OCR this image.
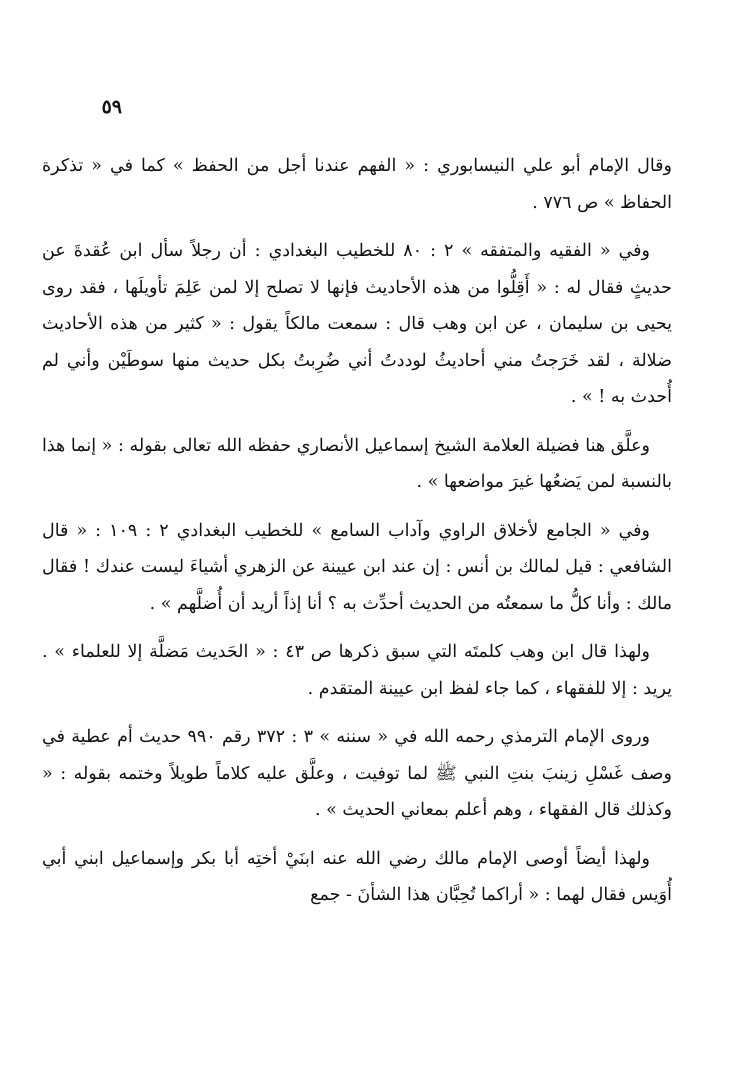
٥٩

وقال الإمام أبو علي النيسابوري : « الفهم عندنا أجل من الحفظ » كما في « تذكرة الحفاظ » ص ٧٧٦ .

وفي « الفقيه والمتفقه » ٢ : ٨٠ للخطيب البغدادي : أن رجلاً سأل ابن عُقدةَ عن حديثٍ فقال له : « أَقِلُّوا من هذه الأحاديث فإنها لا تصلح إلا لمن عَلِمَ تأويلَها ، فقد روى يحيى بن سليمان ، عن ابن وهب قال : سمعت مالكاً يقول : « كثير من هذه الأحاديث ضلالة ، لقد خَرَجتُ مني أحاديثُ لوددتُ أني ضُرِبتُ بكل حديث منها سوطَيْن وأني لم أُحدث به ! » .

وعلَّق هنا فضيلة العلامة الشيخ إسماعيل الأنصاري حفظه الله تعالى بقوله : « إنما هذا بالنسبة لمن يَضعُها غيرَ مواضعها » .

وفي « الجامع لأخلاق الراوي وآداب السامع » للخطيب البغدادي ٢ : ١٠٩ : « قال الشافعي : قيل لمالك بن أنس : إن عند ابن عيينة عن الزهري أشياءَ ليست عندك ! فقال مالك : وأنا كلُّ ما سمعتُه من الحديث أحدِّث به ؟ أنا إذاً أريد أن أُضلَّهم » .

ولهذا قال ابن وهب كلمتَه التي سبق ذكرها ص ٤٣ : « الحَديث مَضلَّة إلا للعلماء » . يريد : إلا للفقهاء ، كما جاء لفظ ابن عيينة المتقدم .

وروى الإمام الترمذي رحمه الله في « سننه » ٣ : ٣٧٢ رقم ٩٩٠ حديث أم عطية في وصف غَسْلِ زينبَ بنتِ النبي ﷺ لما توفيت ، وعلَّق عليه كلاماً طويلاً وختمه بقوله : « وكذلك قال الفقهاء ، وهم أعلم بمعاني الحديث » .

ولهذا أيضاً أوصى الإمام مالك رضي الله عنه ابنَيْ أختِه أبا بكر وإسماعيل ابني أبي أُوَيس فقال لهما : « أراكما تُحِبَّان هذا الشأنَ - جمع
